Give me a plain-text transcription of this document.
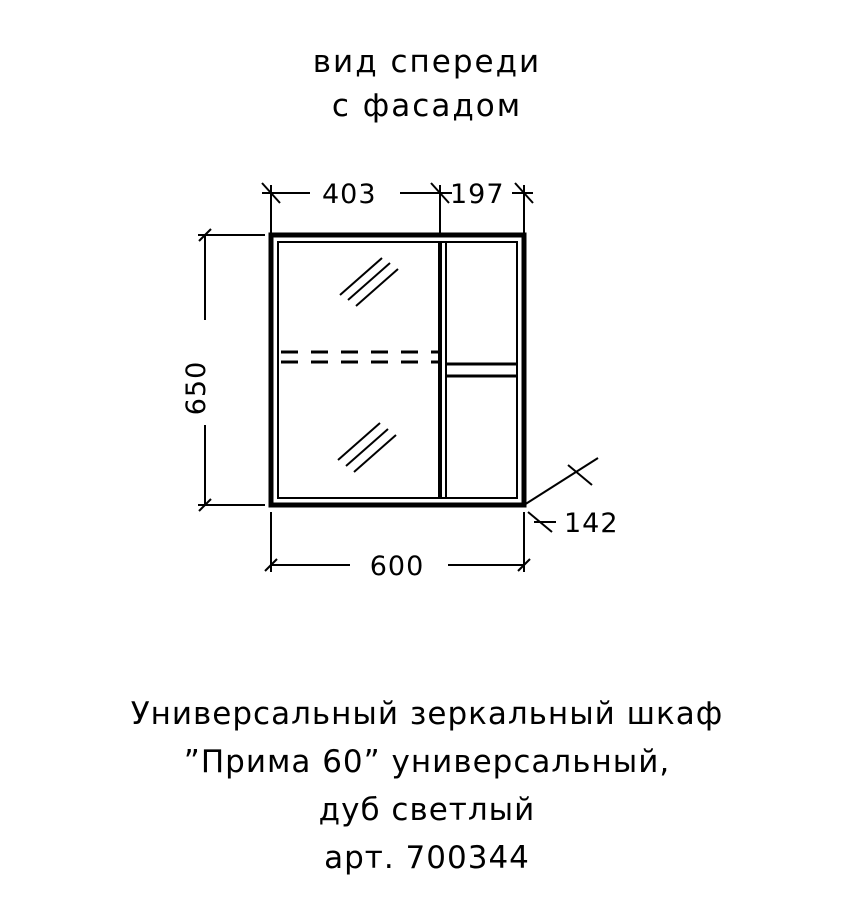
вид спереди
с фасадом
403	197
650
600
142
Универсальный зеркальный шкаф
”Прима 60” универсальный,
дуб светлый
арт. 700344
